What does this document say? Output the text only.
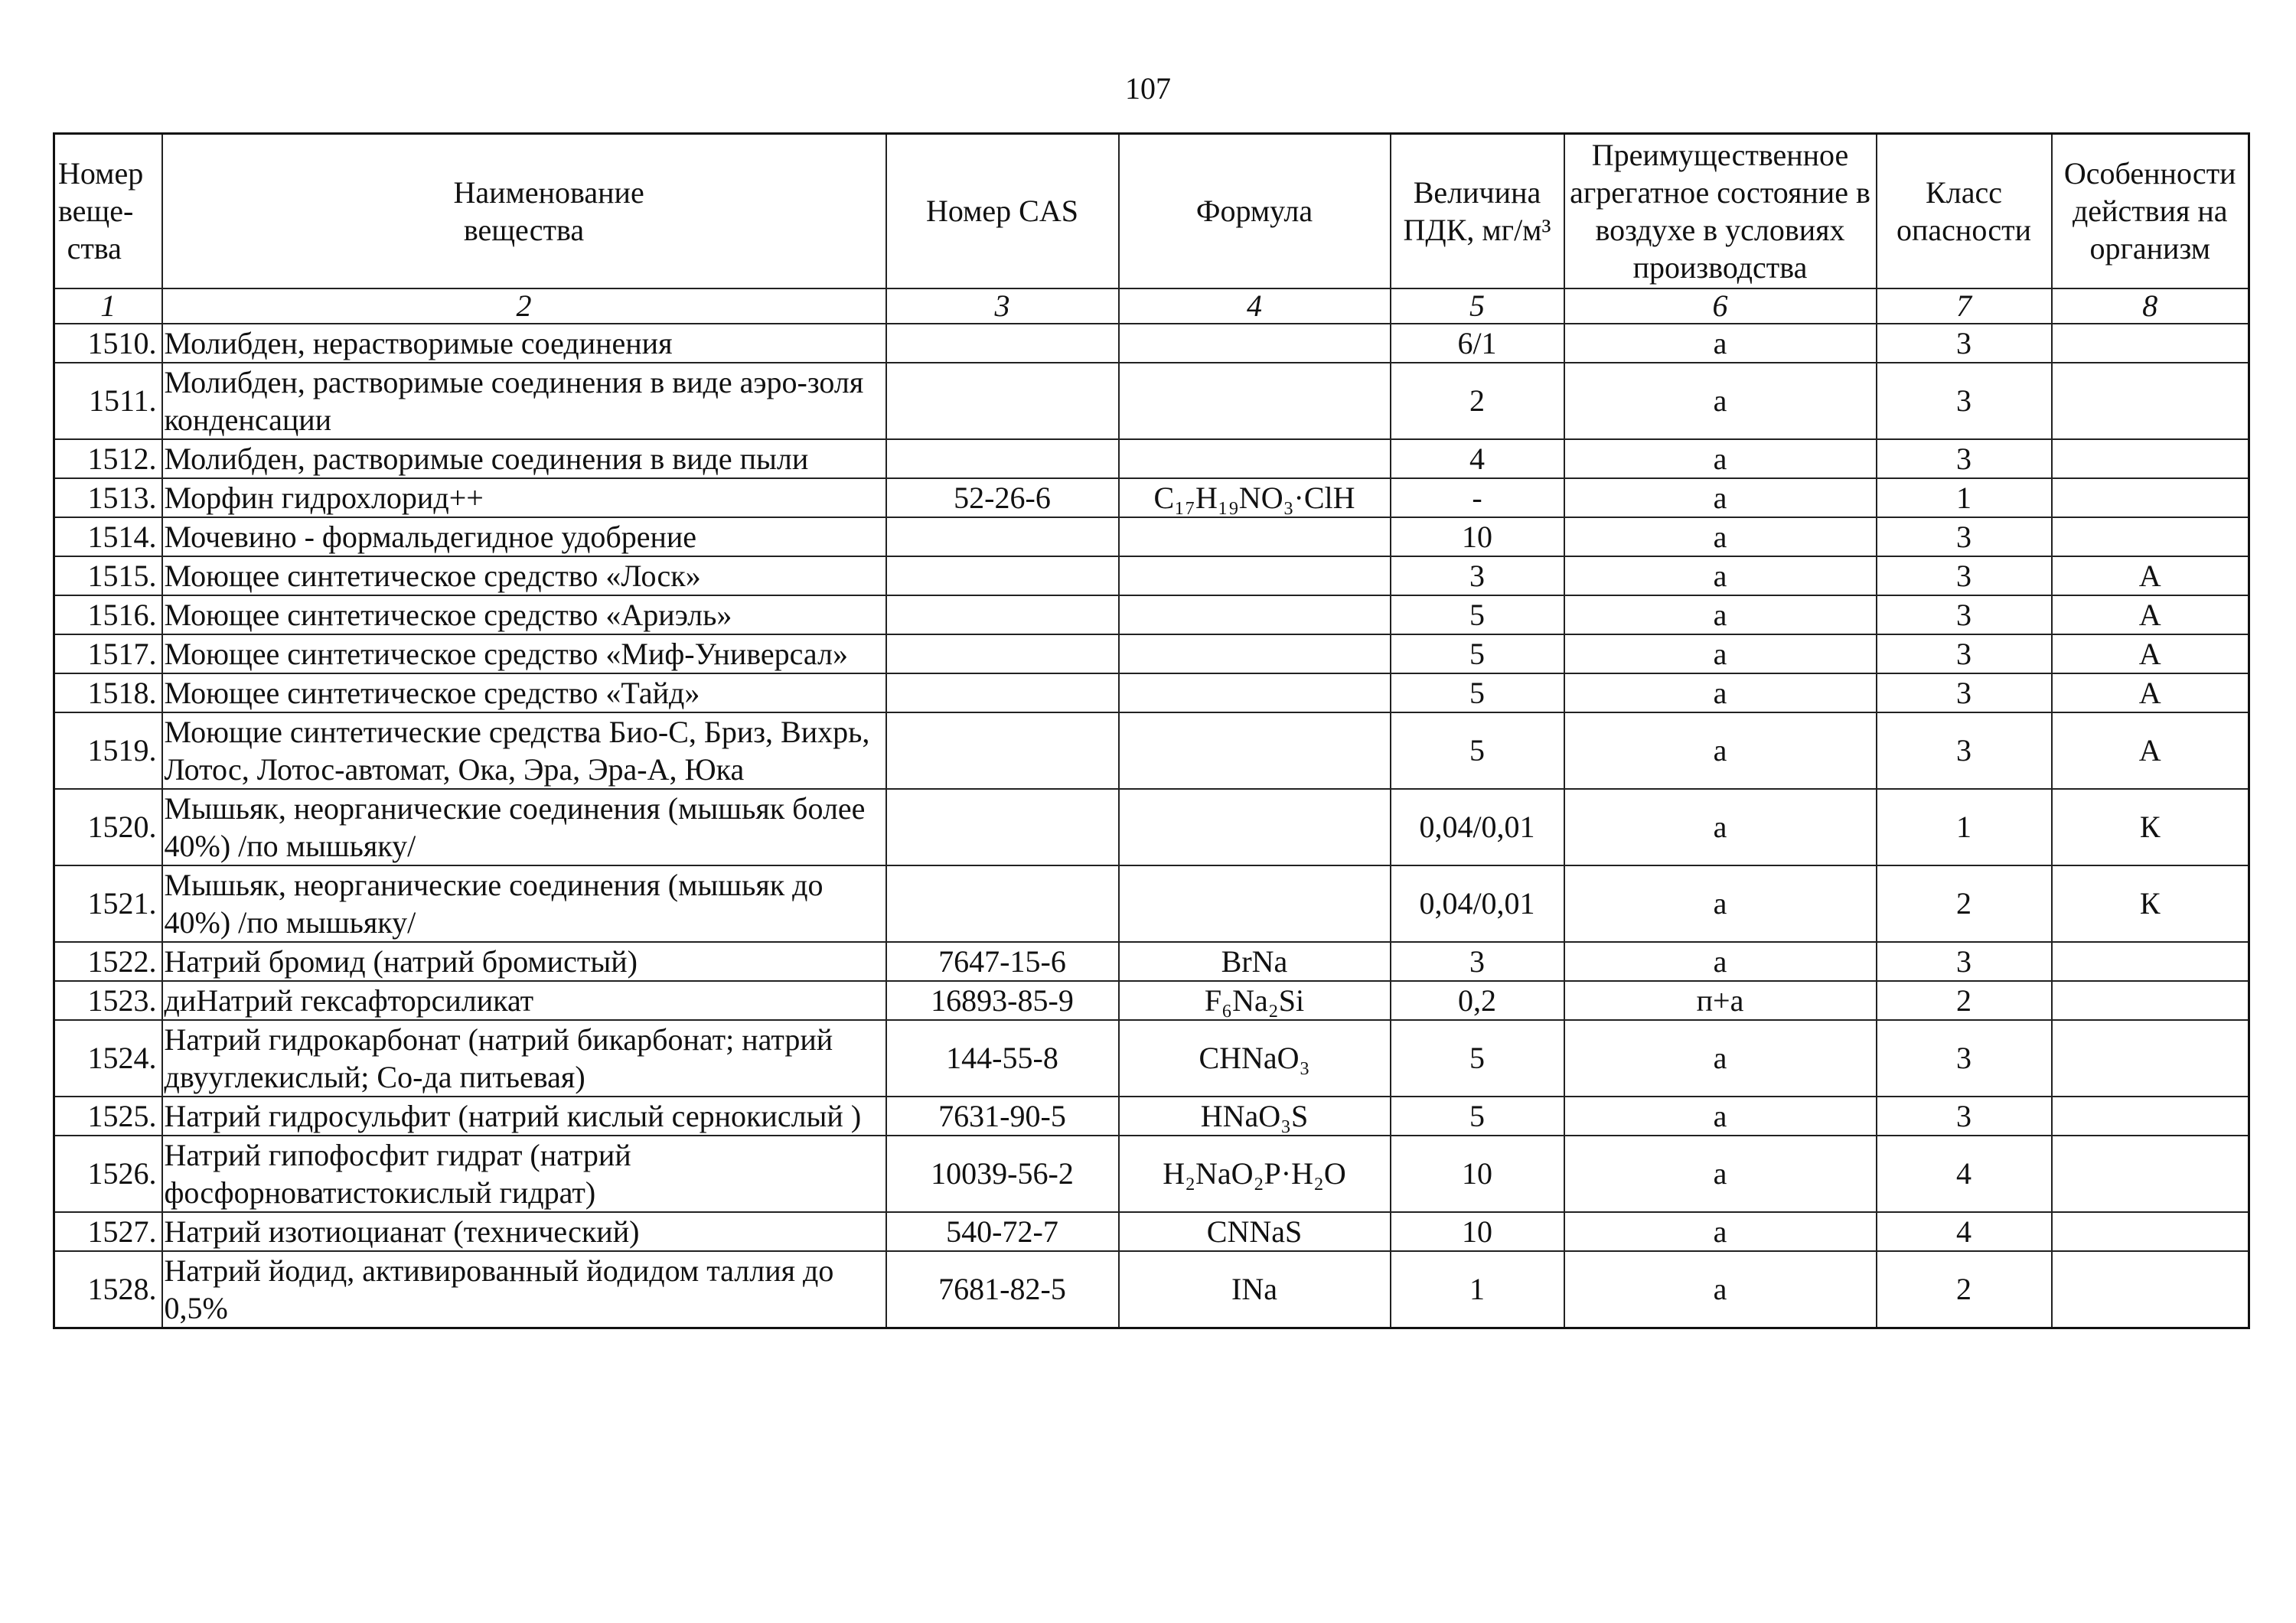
107
Номер веще-ства	Наименование вещества	Номер CAS	Формула	Величина ПДК, мг/м³	Преимущественное агрегатное состояние в воздухе в условиях производства	Класс опасности	Особенности действия на организм
1	2	3	4	5	6	7	8
1510.	Молибден, нерастворимые соединения			6/1	а	3	
1511.	Молибден, растворимые соединения в виде аэро-золя конденсации			2	а	3	
1512.	Молибден, растворимые соединения в виде пыли			4	а	3	
1513.	Морфин гидрохлорид++	52-26-6	C₁₇H₁₉NO₃·ClH	-	а	1	
1514.	Мочевино - формальдегидное удобрение			10	а	3	
1515.	Моющее синтетическое средство «Лоск»			3	а	3	А
1516.	Моющее синтетическое средство «Ариэль»			5	а	3	А
1517.	Моющее синтетическое средство «Миф-Универсал»			5	а	3	А
1518.	Моющее синтетическое средство «Тайд»			5	а	3	А
1519.	Моющие синтетические средства Био-С, Бриз, Вихрь, Лотос, Лотос-автомат, Ока, Эра, Эра-А, Юка			5	а	3	А
1520.	Мышьяк, неорганические соединения (мышьяк более 40%) /по мышьяку/			0,04/0,01	а	1	К
1521.	Мышьяк, неорганические соединения (мышьяк до 40%) /по мышьяку/			0,04/0,01	а	2	К
1522.	Натрий бромид (натрий бромистый)	7647-15-6	BrNa	3	а	3	
1523.	диНатрий гексафторсиликат	16893-85-9	F₆Na₂Si	0,2	п+а	2	
1524.	Натрий гидрокарбонат (натрий бикарбонат; натрий двууглекислый; Со-да питьевая)	144-55-8	CHNaO₃	5	а	3	
1525.	Натрий гидросульфит (натрий кислый сернокислый )	7631-90-5	HNaO₃S	5	а	3	
1526.	Натрий гипофосфит гидрат (натрий фосфорноватистокислый гидрат)	10039-56-2	H₂NaO₂P·H₂O	10	а	4	
1527.	Натрий изотиоцианат (технический)	540-72-7	CNNaS	10	а	4	
1528.	Натрий йодид, активированный йодидом таллия до 0,5%	7681-82-5	INa	1	а	2	
